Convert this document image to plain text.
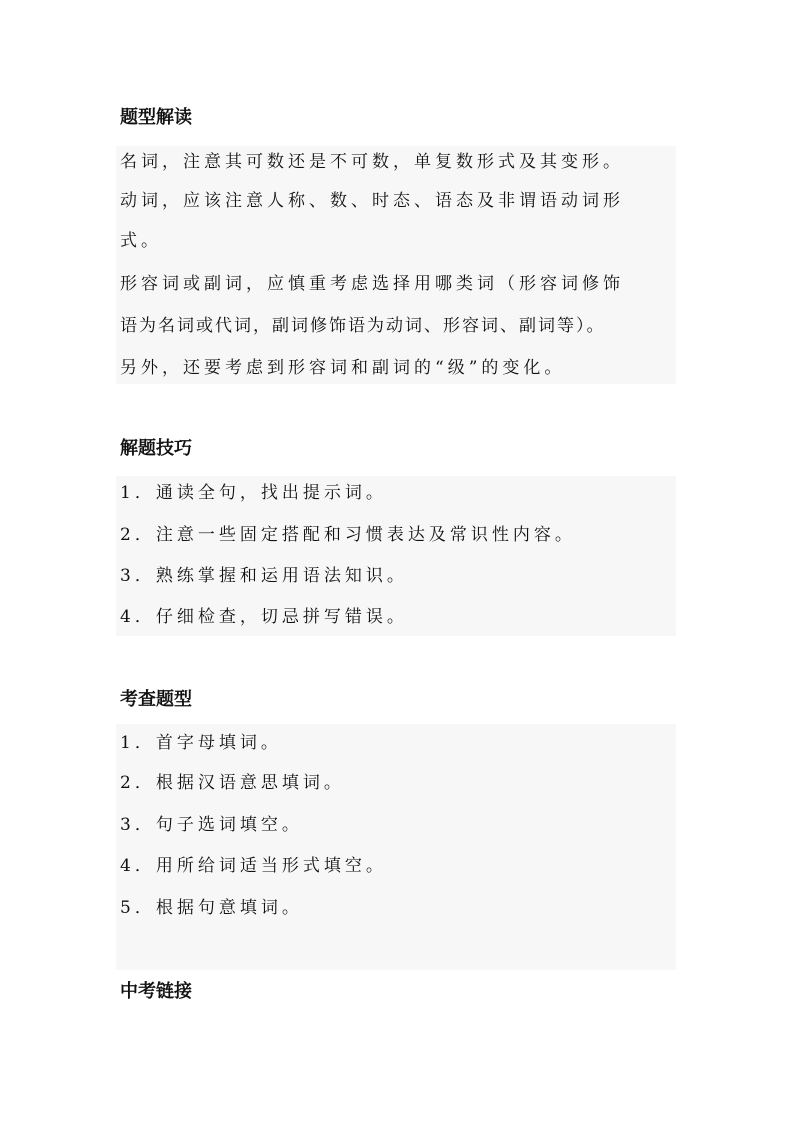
题型解读
名词，注意其可数还是不可数，单复数形式及其变形。
动词，应该注意人称、数、时态、语态及非谓语动词形
式。
形容词或副词，应慎重考虑选择用哪类词（形容词修饰
语为名词或代词，副词修饰语为动词、形容词、副词等）。
另外，还要考虑到形容词和副词的“级”的变化。
解题技巧
1．通读全句，找出提示词。
2．注意一些固定搭配和习惯表达及常识性内容。
3．熟练掌握和运用语法知识。
4．仔细检查，切忌拼写错误。
考查题型
1．首字母填词。
2．根据汉语意思填词。
3．句子选词填空。
4．用所给词适当形式填空。
5．根据句意填词。
中考链接
